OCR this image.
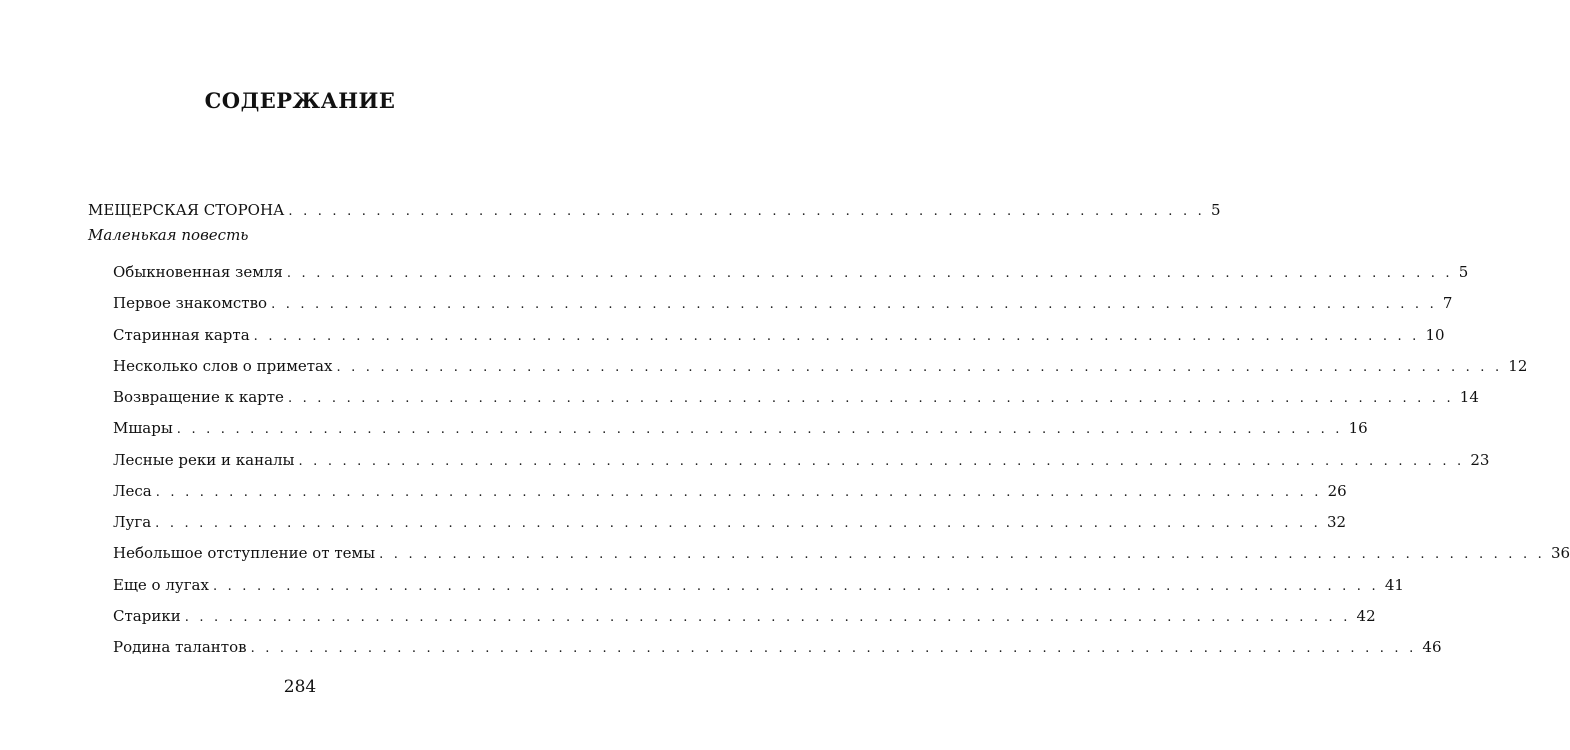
СОДЕРЖАНИЕ
МЕЩЕРСКАЯ СТОРОНА . . . . . . . . . . . . . . . . . . . . . . . . . . . . . . . . . . . . . . . . . . . . . . . . . . . . . . . . . . . . . . . 5
Маленькая повесть
Обыкновенная земля . . . . . . . . . . . . . . . . . . . . . . . . . . . . . . . . . . . . . . . . . . . . . . . . . . . . . . . . . . . . . . . . . . . . . . . . . . . . . . . . 5
Первое знакомство . . . . . . . . . . . . . . . . . . . . . . . . . . . . . . . . . . . . . . . . . . . . . . . . . . . . . . . . . . . . . . . . . . . . . . . . . . . . . . . . 7
Старинная карта . . . . . . . . . . . . . . . . . . . . . . . . . . . . . . . . . . . . . . . . . . . . . . . . . . . . . . . . . . . . . . . . . . . . . . . . . . . . . . . . 10
Несколько слов о приметах . . . . . . . . . . . . . . . . . . . . . . . . . . . . . . . . . . . . . . . . . . . . . . . . . . . . . . . . . . . . . . . . . . . . . . . . . . . . . . . . 12
Возвращение к карте . . . . . . . . . . . . . . . . . . . . . . . . . . . . . . . . . . . . . . . . . . . . . . . . . . . . . . . . . . . . . . . . . . . . . . . . . . . . . . . . 14
Мшары . . . . . . . . . . . . . . . . . . . . . . . . . . . . . . . . . . . . . . . . . . . . . . . . . . . . . . . . . . . . . . . . . . . . . . . . . . . . . . . . 16
Лесные реки и каналы . . . . . . . . . . . . . . . . . . . . . . . . . . . . . . . . . . . . . . . . . . . . . . . . . . . . . . . . . . . . . . . . . . . . . . . . . . . . . . . . 23
Леса . . . . . . . . . . . . . . . . . . . . . . . . . . . . . . . . . . . . . . . . . . . . . . . . . . . . . . . . . . . . . . . . . . . . . . . . . . . . . . . . 26
Луга . . . . . . . . . . . . . . . . . . . . . . . . . . . . . . . . . . . . . . . . . . . . . . . . . . . . . . . . . . . . . . . . . . . . . . . . . . . . . . . . 32
Небольшое отступление от темы . . . . . . . . . . . . . . . . . . . . . . . . . . . . . . . . . . . . . . . . . . . . . . . . . . . . . . . . . . . . . . . . . . . . . . . . . . . . . . . . 36
Еще о лугах . . . . . . . . . . . . . . . . . . . . . . . . . . . . . . . . . . . . . . . . . . . . . . . . . . . . . . . . . . . . . . . . . . . . . . . . . . . . . . . . 41
Старики . . . . . . . . . . . . . . . . . . . . . . . . . . . . . . . . . . . . . . . . . . . . . . . . . . . . . . . . . . . . . . . . . . . . . . . . . . . . . . . . 42
Родина талантов . . . . . . . . . . . . . . . . . . . . . . . . . . . . . . . . . . . . . . . . . . . . . . . . . . . . . . . . . . . . . . . . . . . . . . . . . . . . . . . . 46
284
